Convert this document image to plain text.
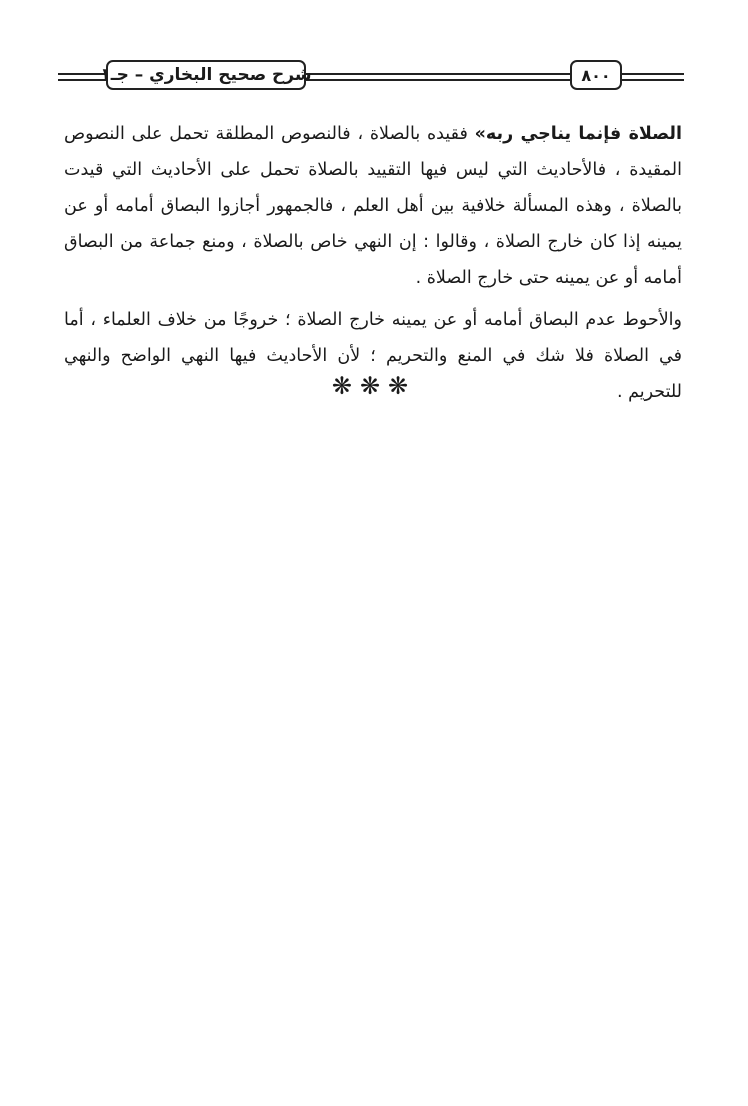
٨٠٠
شرح صحيح البخاري – جـ١

الصلاة فإنما يناجي ربه» فقيده بالصلاة ، فالنصوص المطلقة تحمل على النصوص المقيدة ، فالأحاديث التي ليس فيها التقييد بالصلاة تحمل على الأحاديث التي قيدت بالصلاة ، وهذه المسألة خلافية بين أهل العلم ، فالجمهور أجازوا البصاق أمامه أو عن يمينه إذا كان خارج الصلاة ، وقالوا : إن النهي خاص بالصلاة ، ومنع جماعة من البصاق أمامه أو عن يمينه حتى خارج الصلاة .

والأحوط عدم البصاق أمامه أو عن يمينه خارج الصلاة ؛ خروجًا من خلاف العلماء ، أما في الصلاة فلا شك في المنع والتحريم ؛ لأن الأحاديث فيها النهي الواضح والنهي للتحريم .

❋❋❋
